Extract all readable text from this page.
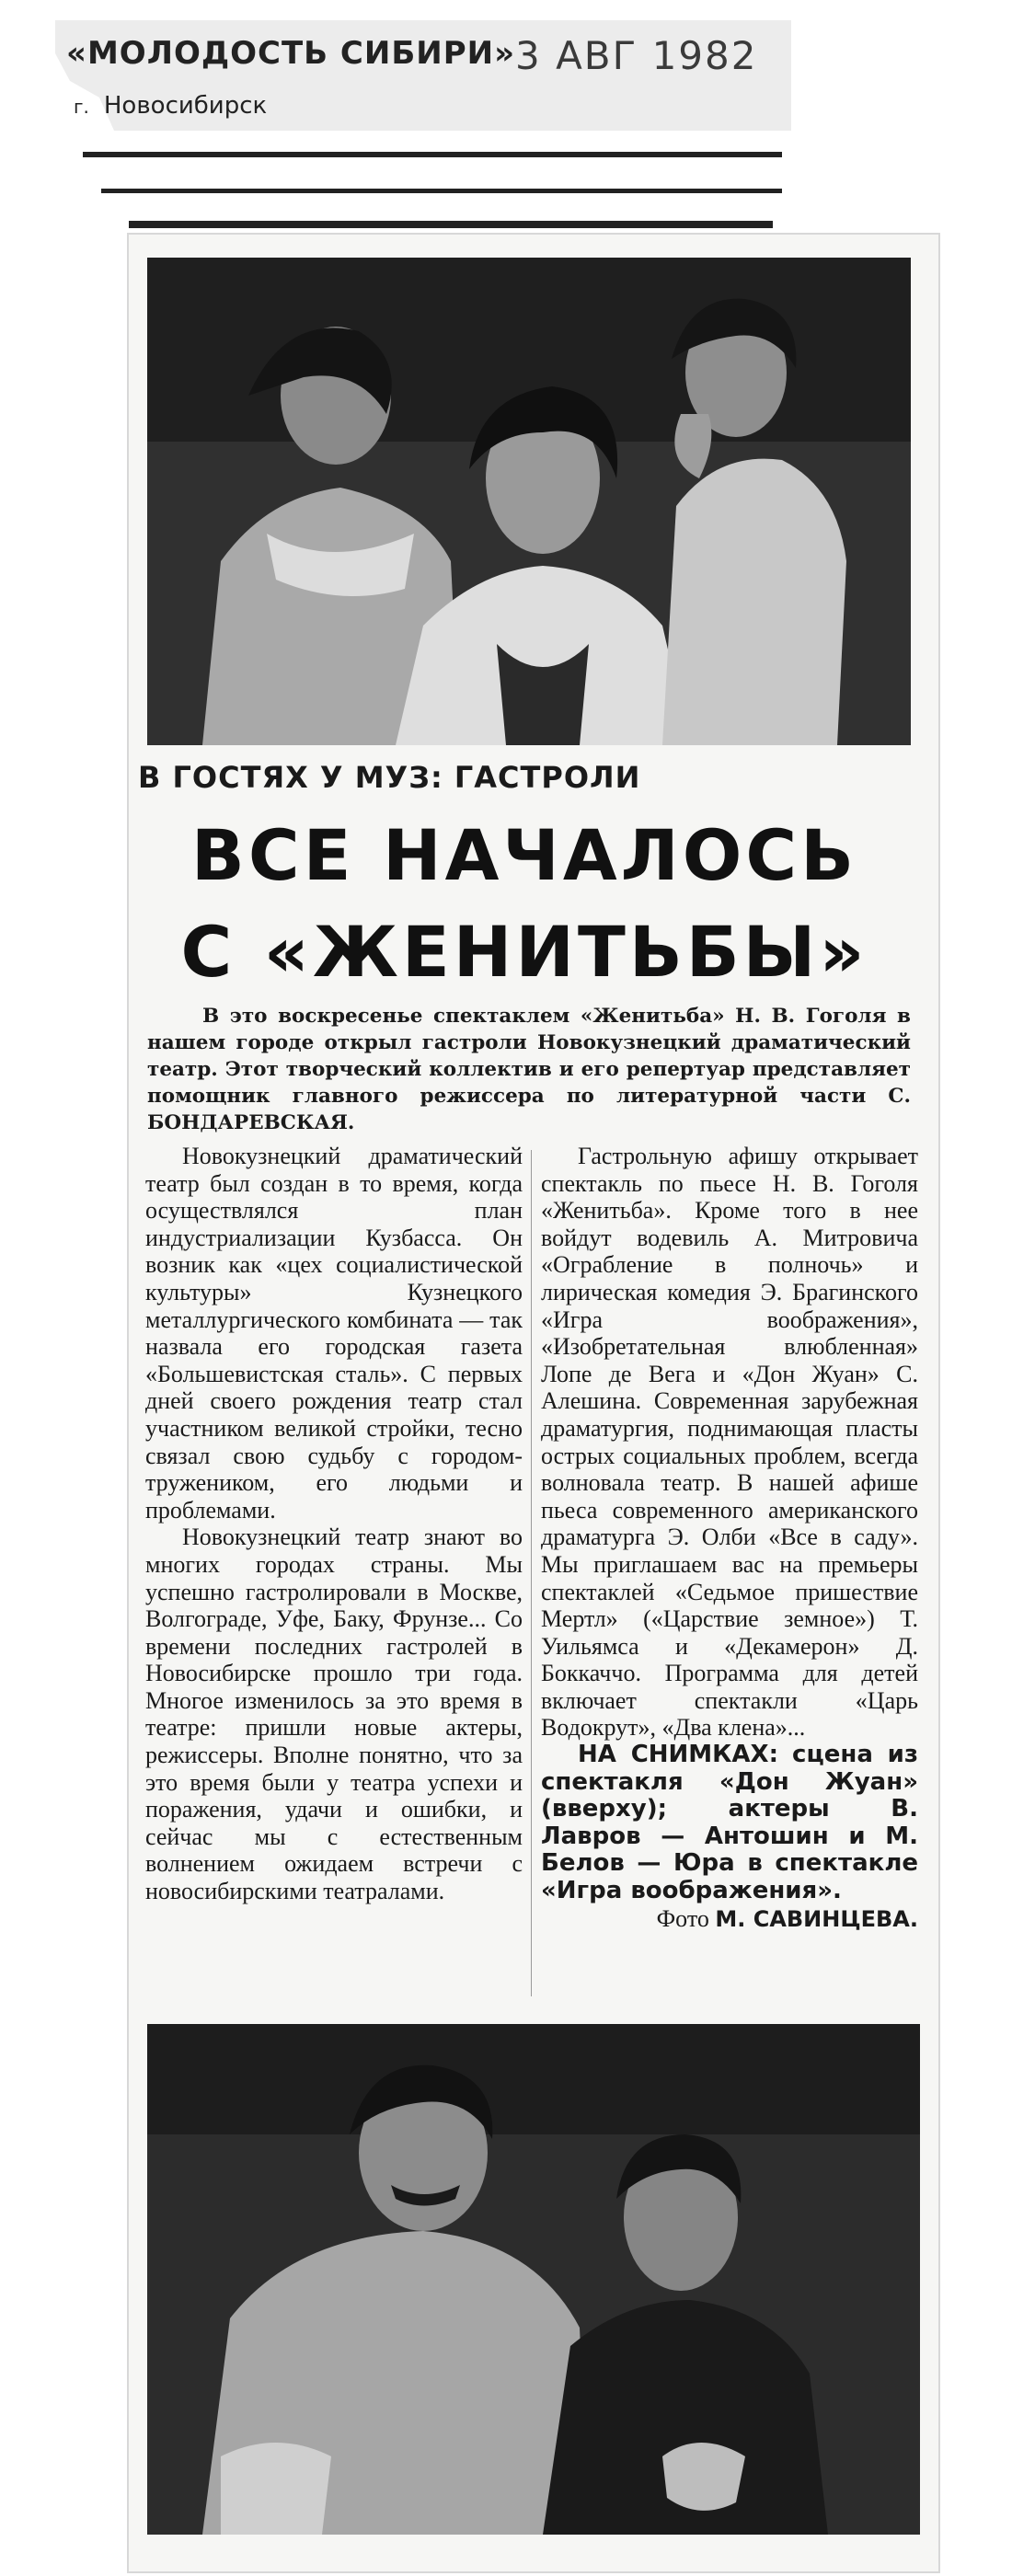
«МОЛОДОСТЬ СИБИРИ» 3 АВГ 1982
г. Новосибирск
В ГОСТЯХ У МУЗ: ГАСТРОЛИ
ВСЕ НАЧАЛОСЬ
С «ЖЕНИТЬБЫ»
В это воскресенье спектаклем «Женитьба» Н. В. Гоголя в нашем городе открыл гастроли Новокузнецкий драматический театр. Этот творческий коллектив и его репертуар представляет помощник главного режиссера по литературной части С. БОНДАРЕВСКАЯ.

Новокузнецкий драматический театр был создан в то время, когда осуществлялся план индустриализации Кузбасса. Он возник как «цех социалистической культуры» Кузнецкого металлургического комбината — так назвала его городская газета «Большевистская сталь». С первых дней своего рождения театр стал участником великой стройки, тесно связал свою судьбу с городом-тружеником, его людьми и проблемами.

Новокузнецкий театр знают во многих городах страны. Мы успешно гастролировали в Москве, Волгограде, Уфе, Баку, Фрунзе... Со времени последних гастролей в Новосибирске прошло три года. Многое изменилось за это время в театре: пришли новые актеры, режиссеры. Вполне понятно, что за это время были у театра успехи и поражения, удачи и ошибки, и сейчас мы с естественным волнением ожидаем встречи с новосибирскими театралами.

Гастрольную афишу открывает спектакль по пьесе Н. В. Гоголя «Женитьба». Кроме того в нее войдут водевиль А. Митровича «Ограбление в полночь» и лирическая комедия Э. Брагинского «Игра воображения», «Изобретательная влюбленная» Лопе де Вега и «Дон Жуан» С. Алешина. Современная зарубежная драматургия, поднимающая пласты острых социальных проблем, всегда волновала театр. В нашей афише пьеса современного американского драматурга Э. Олби «Все в саду». Мы приглашаем вас на премьеры спектаклей «Седьмое пришествие Мертл» («Царствие земное») Т. Уильямса и «Декамерон» Д. Боккаччо. Программа для детей включает спектакли «Царь Водокрут», «Два клена»...

НА СНИМКАХ: сцена из спектакля «Дон Жуан» (вверху); актеры В. Лавров — Антошин и М. Белов — Юра в спектакле «Игра воображения».

Фото М. САВИНЦЕВА.
